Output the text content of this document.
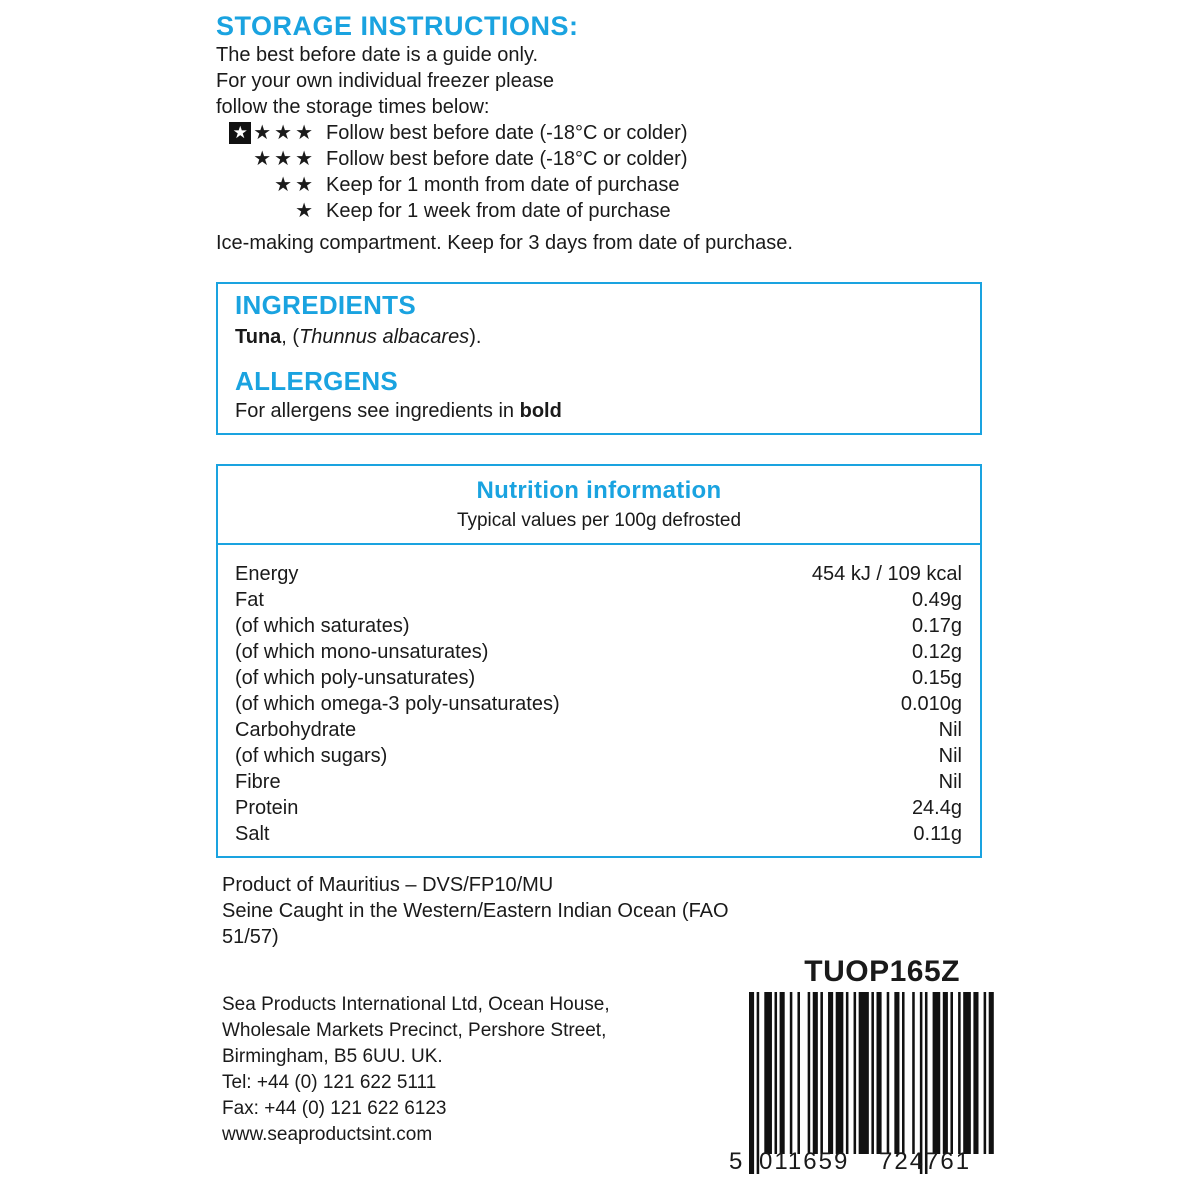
STORAGE INSTRUCTIONS:
The best before date is a guide only.
For your own individual freezer please
follow the storage times below:
★ ★★★ Follow best before date (-18°C or colder)
★★★ Follow best before date (-18°C or colder)
★★ Keep for 1 month from date of purchase
★ Keep for 1 week from date of purchase
Ice-making compartment. Keep for 3 days from date of purchase.
INGREDIENTS
Tuna, (Thunnus albacares).
ALLERGENS
For allergens see ingredients in bold
Nutrition information
Typical values per 100g defrosted
Energy	454 kJ / 109 kcal
Fat	0.49g
(of which saturates)	0.17g
(of which mono-unsaturates)	0.12g
(of which poly-unsaturates)	0.15g
(of which omega-3 poly-unsaturates)	0.010g
Carbohydrate	Nil
(of which sugars)	Nil
Fibre	Nil
Protein	24.4g
Salt	0.11g
Product of Mauritius – DVS/FP10/MU
Seine Caught in the Western/Eastern Indian Ocean (FAO
51/57)
TUOP165Z
Sea Products International Ltd, Ocean House,
Wholesale Markets Precinct, Pershore Street,
Birmingham, B5 6UU. UK.
Tel: +44 (0) 121 622 5111
Fax: +44 (0) 121 622 6123
www.seaproductsint.com
5 011659 724761
